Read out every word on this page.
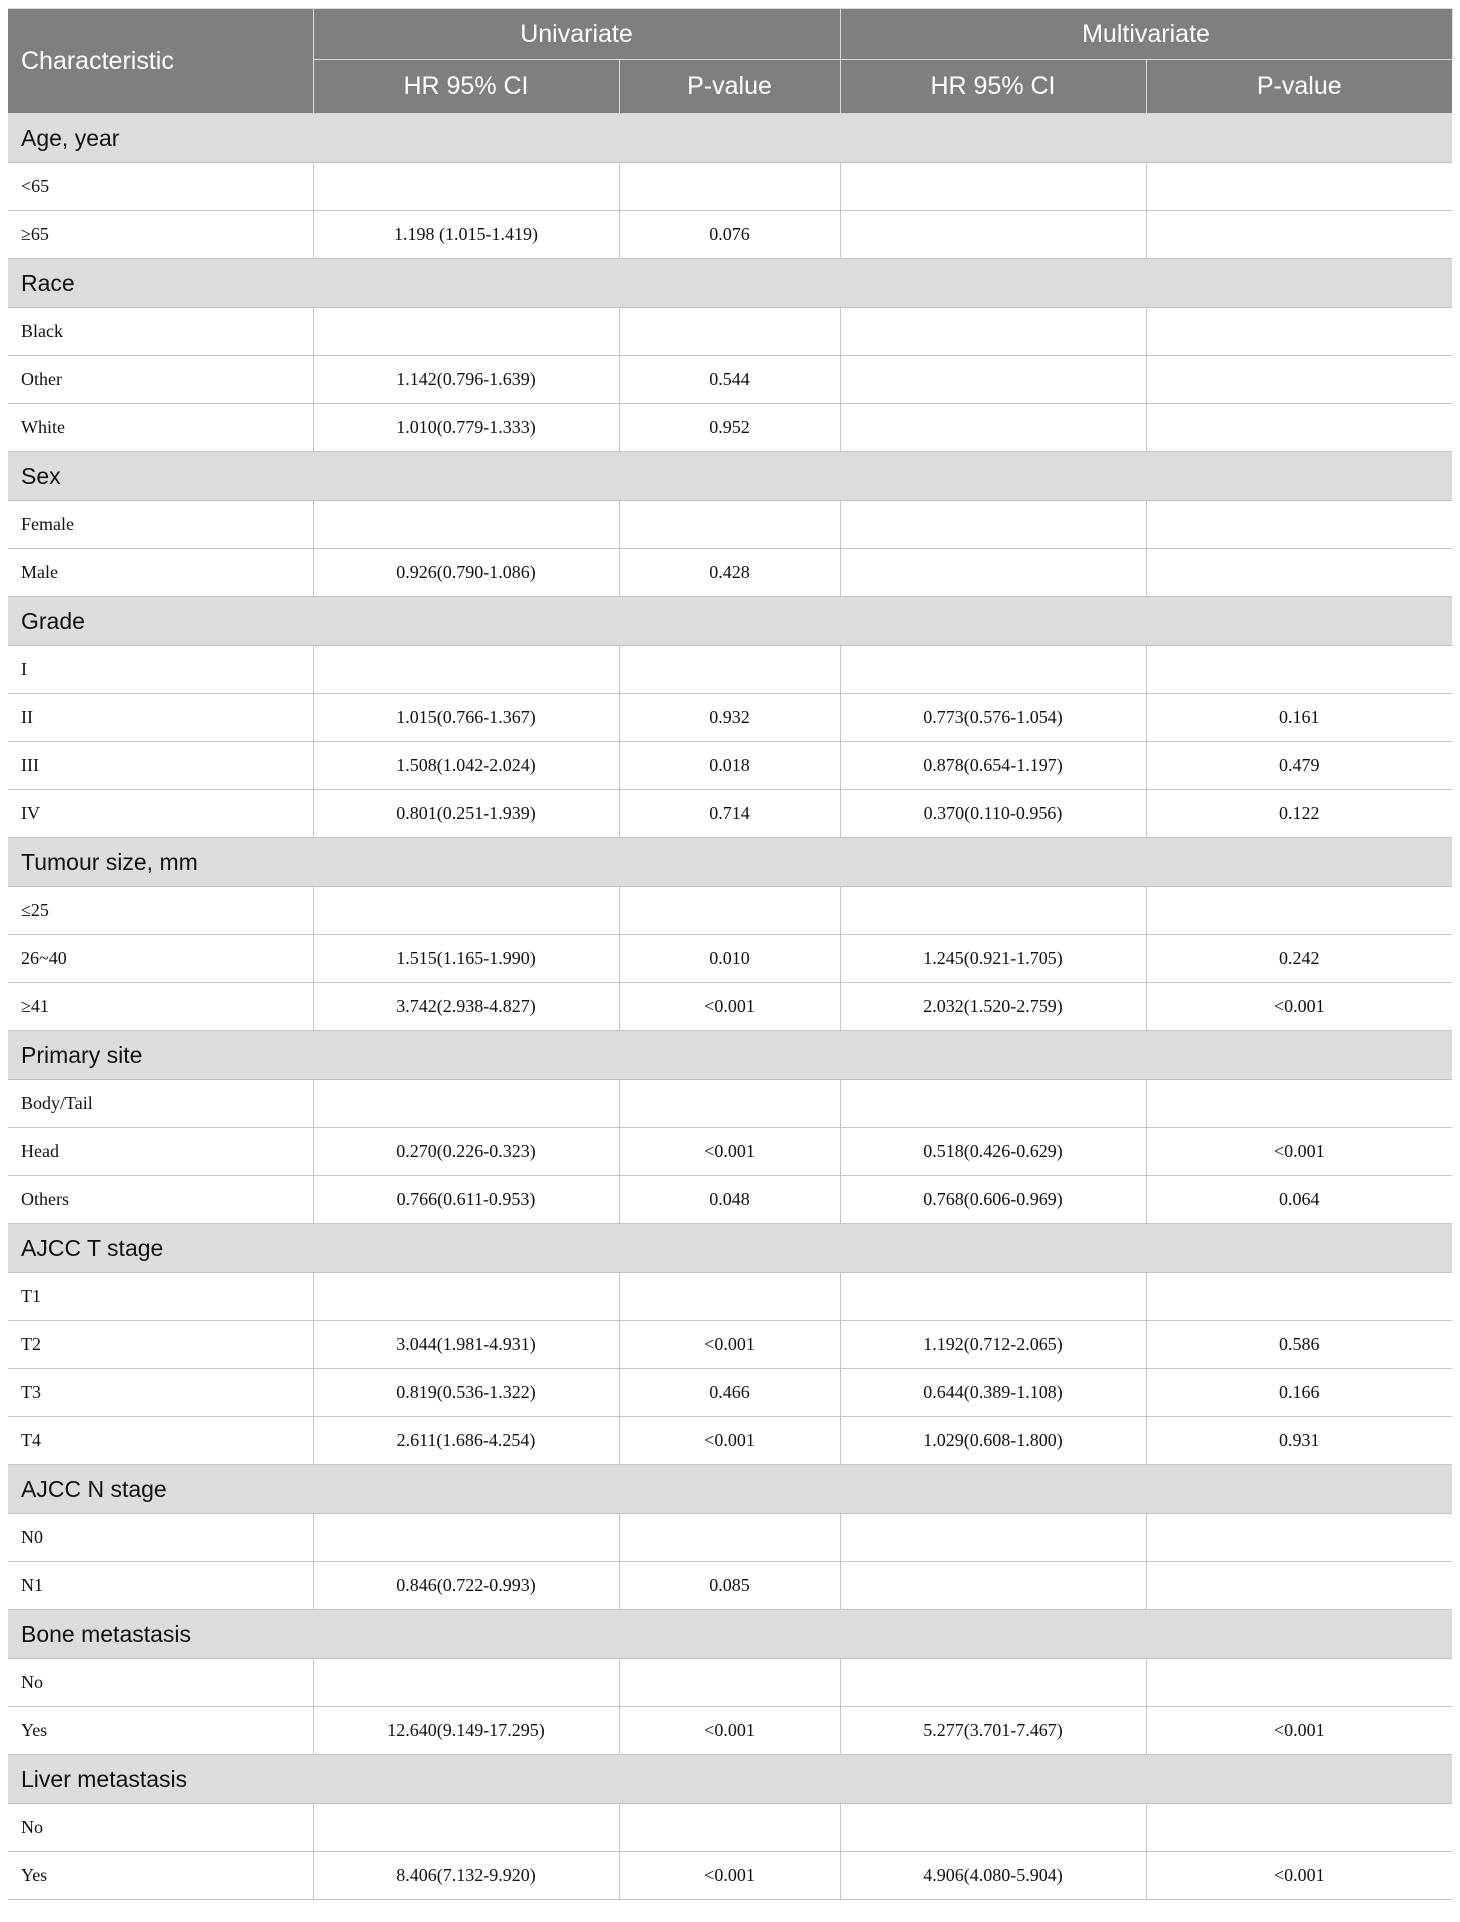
Characteristic	Univariate		Multivariate	
	HR 95% CI	P-value	HR 95% CI	P-value
Age, year				
<65				
≥65	1.198 (1.015-1.419)	0.076		
Race				
Black				
Other	1.142(0.796-1.639)	0.544		
White	1.010(0.779-1.333)	0.952		
Sex				
Female				
Male	0.926(0.790-1.086)	0.428		
Grade				
I				
II	1.015(0.766-1.367)	0.932	0.773(0.576-1.054)	0.161
III	1.508(1.042-2.024)	0.018	0.878(0.654-1.197)	0.479
IV	0.801(0.251-1.939)	0.714	0.370(0.110-0.956)	0.122
Tumour size, mm				
≤25				
26~40	1.515(1.165-1.990)	0.010	1.245(0.921-1.705)	0.242
≥41	3.742(2.938-4.827)	<0.001	2.032(1.520-2.759)	<0.001
Primary site				
Body/Tail				
Head	0.270(0.226-0.323)	<0.001	0.518(0.426-0.629)	<0.001
Others	0.766(0.611-0.953)	0.048	0.768(0.606-0.969)	0.064
AJCC T stage				
T1				
T2	3.044(1.981-4.931)	<0.001	1.192(0.712-2.065)	0.586
T3	0.819(0.536-1.322)	0.466	0.644(0.389-1.108)	0.166
T4	2.611(1.686-4.254)	<0.001	1.029(0.608-1.800)	0.931
AJCC N stage				
N0				
N1	0.846(0.722-0.993)	0.085		
Bone metastasis				
No				
Yes	12.640(9.149-17.295)	<0.001	5.277(3.701-7.467)	<0.001
Liver metastasis				
No				
Yes	8.406(7.132-9.920)	<0.001	4.906(4.080-5.904)	<0.001
